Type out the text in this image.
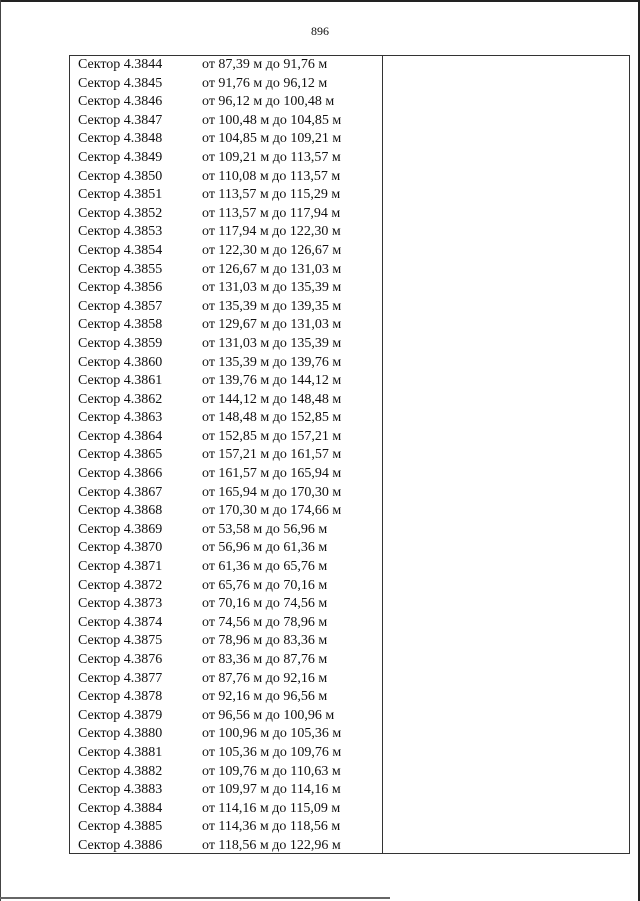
896
Сектор 4.3844	от 87,39 м до 91,76 м
Сектор 4.3845	от 91,76 м до 96,12 м
Сектор 4.3846	от 96,12 м до 100,48 м
Сектор 4.3847	от 100,48 м до 104,85 м
Сектор 4.3848	от 104,85 м до 109,21 м
Сектор 4.3849	от 109,21 м до 113,57 м
Сектор 4.3850	от 110,08 м до 113,57 м
Сектор 4.3851	от 113,57 м до 115,29 м
Сектор 4.3852	от 113,57 м до 117,94 м
Сектор 4.3853	от 117,94 м до 122,30 м
Сектор 4.3854	от 122,30 м до 126,67 м
Сектор 4.3855	от 126,67 м до 131,03 м
Сектор 4.3856	от 131,03 м до 135,39 м
Сектор 4.3857	от 135,39 м до 139,35 м
Сектор 4.3858	от 129,67 м до 131,03 м
Сектор 4.3859	от 131,03 м до 135,39 м
Сектор 4.3860	от 135,39 м до 139,76 м
Сектор 4.3861	от 139,76 м до 144,12 м
Сектор 4.3862	от 144,12 м до 148,48 м
Сектор 4.3863	от 148,48 м до 152,85 м
Сектор 4.3864	от 152,85 м до 157,21 м
Сектор 4.3865	от 157,21 м до 161,57 м
Сектор 4.3866	от 161,57 м до 165,94 м
Сектор 4.3867	от 165,94 м до 170,30 м
Сектор 4.3868	от 170,30 м до 174,66 м
Сектор 4.3869	от 53,58 м до 56,96 м
Сектор 4.3870	от 56,96 м до 61,36 м
Сектор 4.3871	от 61,36 м до 65,76 м
Сектор 4.3872	от 65,76 м до 70,16 м
Сектор 4.3873	от 70,16 м до 74,56 м
Сектор 4.3874	от 74,56 м до 78,96 м
Сектор 4.3875	от 78,96 м до 83,36 м
Сектор 4.3876	от 83,36 м до 87,76 м
Сектор 4.3877	от 87,76 м до 92,16 м
Сектор 4.3878	от 92,16 м до 96,56 м
Сектор 4.3879	от 96,56 м до 100,96 м
Сектор 4.3880	от 100,96 м до 105,36 м
Сектор 4.3881	от 105,36 м до 109,76 м
Сектор 4.3882	от 109,76 м до 110,63 м
Сектор 4.3883	от 109,97 м до 114,16 м
Сектор 4.3884	от 114,16 м до 115,09 м
Сектор 4.3885	от 114,36 м до 118,56 м
Сектор 4.3886	от 118,56 м до 122,96 м
